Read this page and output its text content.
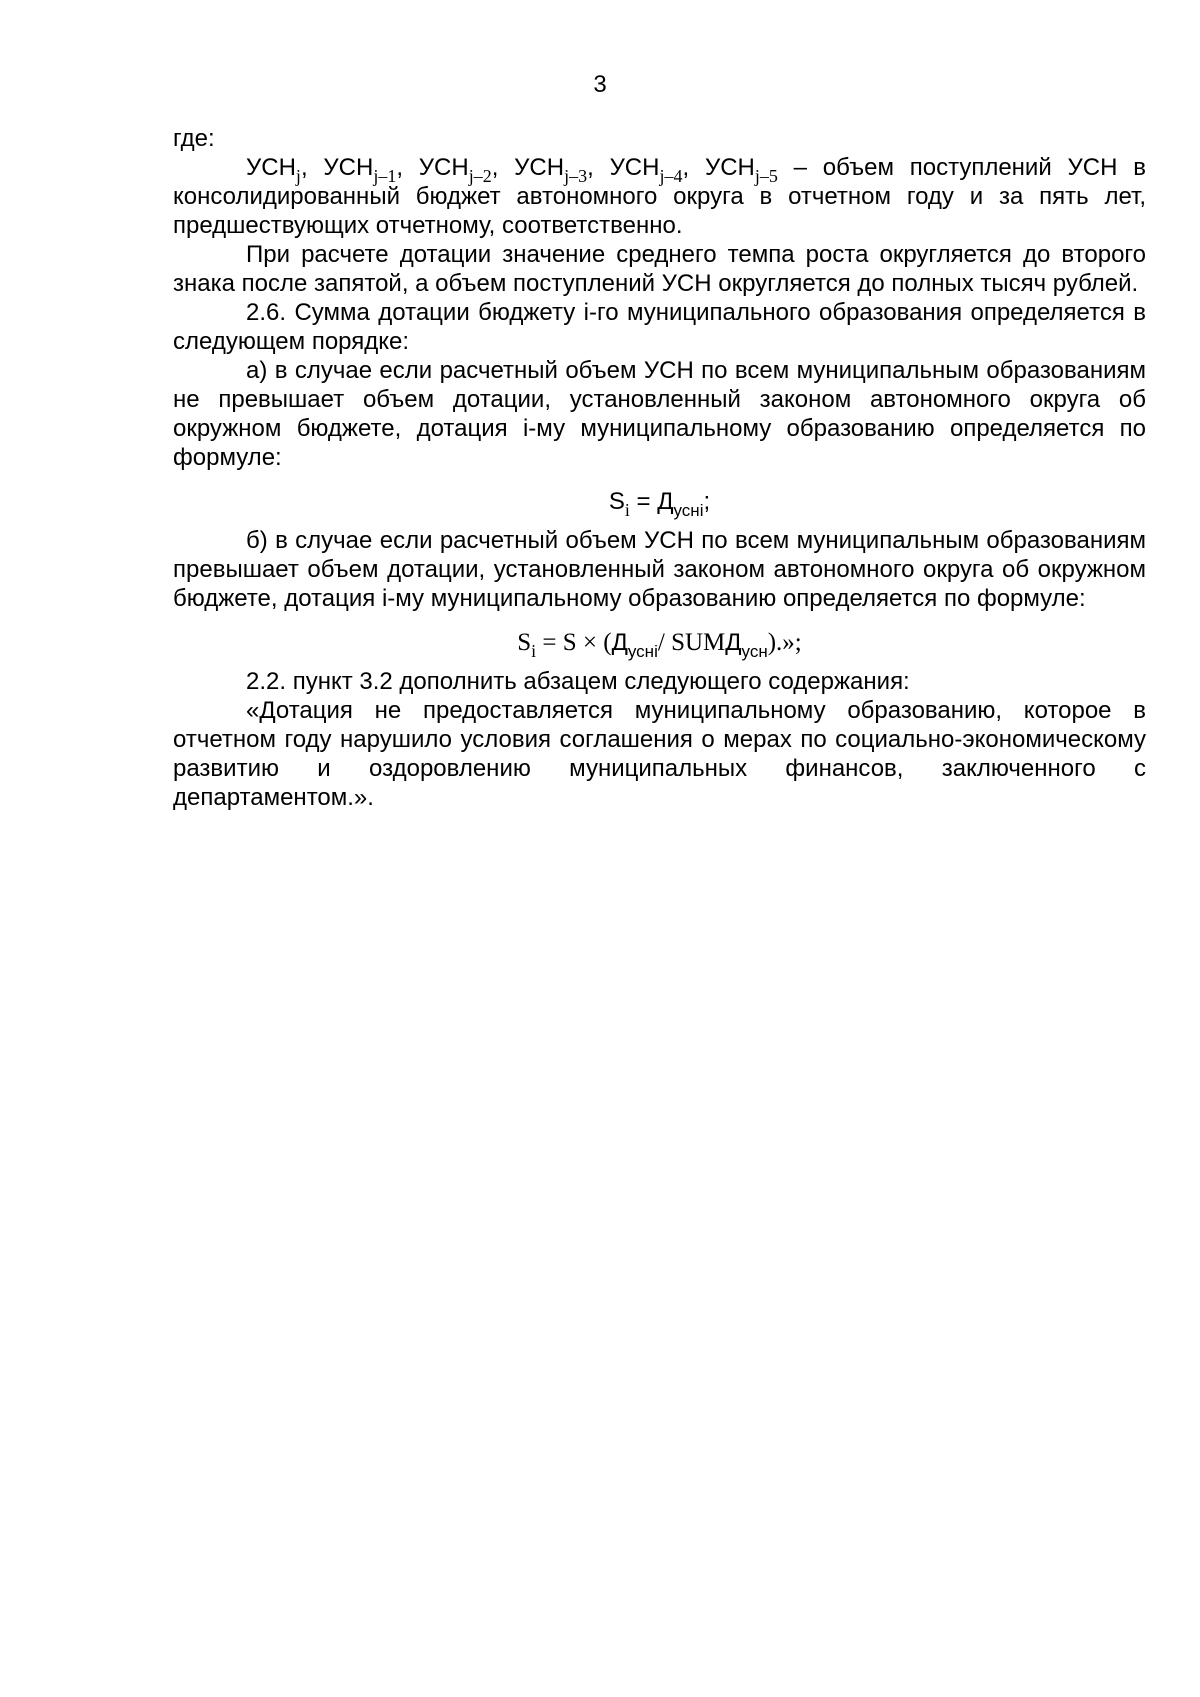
3

где:

$УСН_j$, $УСН_{j-1}$, $УСН_{j-2}$, $УСН_{j-3}$, $УСН_{j-4}$, $УСН_{j-5}$ – объем поступлений УСН в консолидированный бюджет автономного округа в отчетном году и за пять лет, предшествующих отчетному, соответственно.

При расчете дотации значение среднего темпа роста округляется до второго знака после запятой, а объем поступлений УСН округляется до полных тысяч рублей.

2.6. Сумма дотации бюджету i-го муниципального образования определяется в следующем порядке:

а) в случае если расчетный объем УСН по всем муниципальным образованиям не превышает объем дотации, установленный законом автономного округа об окружном бюджете, дотация i-му муниципальному образованию определяется по формуле:

$S_i = Д_{усні}$;

б) в случае если расчетный объем УСН по всем муниципальным образованиям превышает объем дотации, установленный законом автономного округа об окружном бюджете, дотация i-му муниципальному образованию определяется по формуле:

$S_i = S \times (Д_{усні}/$ $SUMД_{усн}$).»;

2.2. пункт 3.2 дополнить абзацем следующего содержания:

«Дотация не предоставляется муниципальному образованию, которое в отчетном году нарушило условия соглашения о мерах по социально-экономическому развитию и оздоровлению муниципальных финансов, заключенного с департаментом.».
